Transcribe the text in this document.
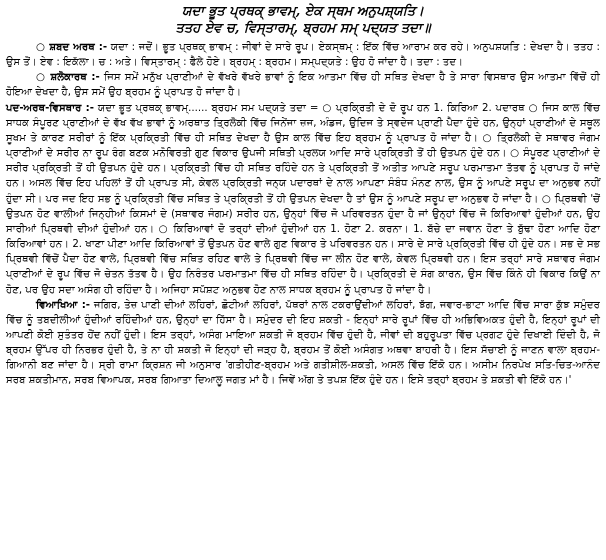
ਯਦਾ ਭੂਤ ਪ੍ਰਥਕ੍ ਭਾਵਮ੍, ਏਕ ਸ੍ਥਮ ਅਨੁਪਸ਼੍ਯਤਿ।

ਤਤਹ ਏਵ ਚ, ਵਿਸ੍ਤਾਰਮ੍, ਬ੍ਰਹਮ ਸਮ੍ ਪਦ੍ਯਤ ਤਦਾ॥

○ ਸ਼ਬਦ ਅਰਥ :- ਯਦਾ : ਜਦੋਂ। ਭੂਤ ਪ੍ਰਥਕ੍ ਭਾਵਮ੍ : ਜੀਵਾਂ ਦੇ ਸਾਰੇ ਰੂਪ। ਏਕਸ੍ਥਮ੍ : ਇੱਕ ਵਿੱਚ ਆਰਾਮ ਕਰ ਰਹੇ। ਅਨੁਪਸ਼ਯਤਿ : ਦੇਖਦਾ ਹੈ। ਤਤਹ : ਉਸ ਤੋਂ। ਏਵ : ਇਕੱਲਾ। ਚ : ਅਤੇ। ਵਿਸ੍ਤਾਰਮ੍ : ਫੈਲੇ ਹੋਏ। ਬ੍ਰਹਮ੍ : ਬ੍ਰਹਮ। ਸਮ੍ਪਦ੍ਯਤੇ : ਉਹ ਹੋ ਜਾਂਦਾ ਹੈ। ਤਦਾ : ਤਦ।

○ ਸ਼ਲੋਕਾਰਥ :- ਜਿਸ ਸਮੇਂ ਮਨੁੱਖ ਪ੍ਰਾਣੀਆਂ ਦੇ ਵੱਖਰੇ ਵੱਖਰੇ ਭਾਵਾਂ ਨੂੰ ਇਕ ਆਤਮਾ ਵਿੱਚ ਹੀ ਸਥਿਤ ਦੇਖਦਾ ਹੈ ਤੇ ਸਾਰਾ ਵਿਸਥਾਰ ਉਸ ਆਤਮਾ ਵਿੱਚੋਂ ਹੀ ਹੋਇਆ ਦੇਖਦਾ ਹੈ, ਉਸ ਸਮੇਂ ਉਹ ਬ੍ਰਹਮ ਨੂੰ ਪ੍ਰਾਪਤ ਹੋ ਜਾਂਦਾ ਹੈ।

ਪਦ-ਅਰਥ-ਵਿਸਥਾਰ :- ਯਦਾ ਭੂਤ ਪ੍ਰਥਕ੍ ਭਾਵਮ੍...... ਬ੍ਰਹਮ ਸਮ ਪਦ੍ਯਤੇ ਤਦਾ = ○ ਪ੍ਰਕ੍ਰਿਤੀ ਦੇ ਦੋ ਰੂਪ ਹਨ 1. ਕਿਰਿਆ 2. ਪਦਾਰਥ ○ ਜਿਸ ਕਾਲ ਵਿੱਚ ਸਾਧਕ ਸੰਪੂਰਣ ਪ੍ਰਾਣੀਆਂ ਦੇ ਵੱਖ ਵੱਖ ਭਾਵਾਂ ਨੂੰ ਅਰਥਾਤ ਤ੍ਰਿਲੋਕੀ ਵਿੱਚ ਜਿਨੇਂਜਾ ਜ਼ਜ, ਅੰਡਜ, ਉਦਿਜ ਤੇ ਸ੍ਵਦੇਜ ਪ੍ਰਾਣੀ ਪੈਦਾ ਹੁੰਦੇ ਹਨ, ਉਨ੍ਹਾਂ ਪ੍ਰਾਣੀਆਂ ਦੇ ਸਥੂਲ ਸੂਖਮ ਤੇ ਕਾਰਣ ਸਰੀਰਾਂ ਨੂੰ ਇੱਕ ਪ੍ਰਕ੍ਰਿਤੀ ਵਿੱਚ ਹੀ ਸਥਿਤ ਦੇਖਦਾ ਹੈ ਉਸ ਕਾਲ ਵਿੱਚ ਇਹ ਬ੍ਰਹਮ ਨੂੰ ਪ੍ਰਾਪਤ ਹੋ ਜਾਂਦਾ ਹੈ। ○ ਤ੍ਰਿਲੋਕੀ ਦੇ ਸਥਾਵਰ ਜੰਗਮ ਪ੍ਰਾਣੀਆਂ ਦੇ ਸਰੀਰ ਨਾ ਰੂਪ ਰੰਗ ਬਣਕ ਮਨੋਵਿਰਤੀ ਗੁਣ ਵਿਕਾਰ ਉਪਜੀ ਸਥਿਤੀ ਪ੍ਰਲਯ ਆਦਿ ਸਾਰੇ ਪ੍ਰਕ੍ਰਿਤੀ ਤੋਂ ਹੀ ਉਤਪਨ ਹੁੰਦੇ ਹਨ। ○ ਸੰਪੂਰਣ ਪ੍ਰਾਣੀਆਂ ਦੇ ਸਰੀਰ ਪ੍ਰਕ੍ਰਿਤੀ ਤੋਂ ਹੀ ਉਤਪਨ ਹੁੰਦੇ ਹਨ। ਪ੍ਰਕ੍ਰਿਤੀ ਵਿੱਚ ਹੀ ਸਥਿਤ ਰਹਿੰਦੇ ਹਨ ਤੇ ਪ੍ਰਕ੍ਰਿਤੀ ਤੋਂ ਅਤੀਤ ਆਪਣੇ ਸਰੂਪ ਪਰਮਾਤਮਾ ਤੱਤਵ ਨੂੰ ਪ੍ਰਾਪਤ ਹੋ ਜਾਂਦੇ ਹਨ। ਅਸਲ ਵਿੱਚ ਇਹ ਪਹਿਲਾਂ ਤੋਂ ਹੀ ਪ੍ਰਾਪਤ ਸੀ, ਕੇਵਲ ਪ੍ਰਕ੍ਰਿਤੀ ਜਨ੍ਯ ਪਦਾਰਥਾਂ ਦੇ ਨਾਲ ਆਪਣਾ ਸੰਬੰਧ ਮੰਨਣ ਨਾਲ, ਉਸ ਨੂੰ ਆਪਣੇ ਸਰੂਪ ਦਾ ਅਨੁਭਵ ਨਹੀਂ ਹੁੰਦਾ ਸੀ। ਪਰ ਜਦ ਇਹ ਸਭ ਨੂੰ ਪ੍ਰਕ੍ਰਿਤੀ ਵਿੱਚ ਸਥਿਤ ਤੇ ਪ੍ਰਕ੍ਰਿਤੀ ਤੋਂ ਹੀ ਉਤਪਨ ਦੇਖਦਾ ਹੈ ਤਾਂ ਉਸ ਨੂੰ ਆਪਣੇ ਸਰੂਪ ਦਾ ਅਨੁਭਵ ਹੋ ਜਾਂਦਾ ਹੈ। ○ ਪ੍ਰਿਥਵੀ 'ਚੋਂ ਉਤਪਨ ਹੋਣ ਵਾਲੀਆਂ ਜਿਨ੍ਹੀਆਂ ਕਿਸਮਾਂ ਦੇ (ਸਥਾਵਰ ਜੰਗਮ) ਸਰੀਰ ਹਨ, ਉਨ੍ਹਾਂ ਵਿੱਚ ਜੋ ਪਰਿਵਰਤਨ ਹੁੰਦਾ ਹੈ ਜਾਂ ਉਨ੍ਹਾਂ ਵਿੱਚ ਜੋ ਕਿਰਿਆਵਾਂ ਹੁੰਦੀਆਂ ਹਨ, ਉਹ ਸਾਰੀਆਂ ਪ੍ਰਿਥਵੀ ਦੀਆਂ ਹੁੰਦੀਆਂ ਹਨ। ○ ਕਿਰਿਆਵਾਂ ਦੋ ਤਰ੍ਹਾਂ ਦੀਆਂ ਹੁੰਦੀਆਂ ਹਨ 1. ਹੋਣਾ 2. ਕਰਨਾ। 1. ਬੱਚੇ ਦਾ ਜਵਾਨ ਹੋਣਾ ਤੇ ਬੁੱਢਾ ਹੋਣਾ ਆਦਿ ਹੋਣਾ ਕਿਰਿਆਵਾਂ ਹਨ। 2. ਖਾਣਾ ਪੀਣਾ ਆਦਿ ਕਿਰਿਆਵਾਂ ਤੋਂ ਉਤਪਨ ਹੋਣ ਵਾਲੇ ਗੁਣ ਵਿਕਾਰ ਤੇ ਪਰਿਵਰਤਨ ਹਨ। ਸਾਰੇ ਦੇ ਸਾਰੇ ਪ੍ਰਕ੍ਰਿਤੀ ਵਿੱਚ ਹੀ ਹੁੰਦੇ ਹਨ। ਸਭ ਦੇ ਸਭ ਪ੍ਰਿਥਵੀ ਵਿੱਚੋਂ ਪੈਦਾ ਹੋਣ ਵਾਲੇ, ਪ੍ਰਿਥਵੀ ਵਿੱਚ ਸਥਿਤ ਰਹਿਣ ਵਾਲੇ ਤੇ ਪ੍ਰਿਥਵੀ ਵਿੱਚ ਜਾ ਲੀਨ ਹੋਣ ਵਾਲੇ, ਕੇਵਲ ਪ੍ਰਿਥਵੀ ਹਨ। ਇਸ ਤਰ੍ਹਾਂ ਸਾਰੇ ਸਥਾਵਰ ਜੰਗਮ ਪ੍ਰਾਣੀਆਂ ਦੇ ਰੂਪ ਵਿੱਚ ਜੋ ਚੇਤਨ ਤੱਤਵ ਹੈ। ਉਹ ਨਿਰੰਤਰ ਪਰਮਾਤਮਾ ਵਿੱਚ ਹੀ ਸਥਿਤ ਰਹਿੰਦਾ ਹੈ। ਪ੍ਰਕ੍ਰਿਤੀ ਦੇ ਸੰਗ ਕਾਰਨ, ਉਸ ਵਿੱਚ ਕਿੰਨੇ ਹੀ ਵਿਕਾਰ ਕਿਉਂ ਨਾ ਹੋਣ, ਪਰ ਉਹ ਸਦਾ ਅਸੰਗ ਹੀ ਰਹਿੰਦਾ ਹੈ। ਅਜਿਹਾ ਸਪੱਸ਼ਟ ਅਨੁਭਵ ਹੋਣ ਨਾਲ ਸਾਧਕ ਬ੍ਰਹਮ ਨੂੰ ਪ੍ਰਾਪਤ ਹੋ ਜਾਂਦਾ ਹੈ।

ਵਿਆਖਿਆ :- ਜਗਿਰ, ਤੇਜ਼ ਪਾਣੀ ਦੀਆਂ ਲਹਿਰਾਂ, ਛੋਟੀਆਂ ਲਹਿਰਾਂ, ਪੱਥਰਾਂ ਨਾਲ ਟਕਰਾਉਂਦੀਆਂ ਲਹਿਰਾਂ, ਝੱਗ, ਜਵਾਰ-ਭਾਟਾ ਆਦਿ ਵਿੱਚ ਸਾਰਾ ਕੁੱਝ ਸਮੁੰਦਰ ਵਿੱਚ ਨੂੰ ਤਬਦੀਲੀਆਂ ਹੁੰਦੀਆਂ ਰਹਿੰਦੀਆਂ ਹਨ, ਉਨ੍ਹਾਂ ਦਾ ਹਿੱਸਾ ਹੈ। ਸਮੁੰਦਰ ਦੀ ਇਹ ਸ਼ਕਤੀ - ਇਨ੍ਹਾਂ ਸਾਰੇ ਰੂਪਾਂ ਵਿੱਚ ਹੀ ਅਭਿਵਿਅਕਤ ਹੁੰਦੀ ਹੈ, ਇਨ੍ਹਾਂ ਰੂਪਾਂ ਦੀ ਆਪਣੀ ਕੋਈ ਸੁਤੰਤਰ ਹੋਂਦ ਨਹੀਂ ਹੁੰਦੀ। ਇਸ ਤਰ੍ਹਾਂ, ਅਸੰਗ ਮਾਇਆ ਸ਼ਕਤੀ ਜੋ ਬ੍ਰਹਮ ਵਿੱਚ ਹੁੰਦੀ ਹੈ, ਜੀਵਾਂ ਦੀ ਬਹੁਰੂਪਤਾ ਵਿੱਚ ਪ੍ਰਗਟ ਹੁੰਦੇ ਦਿਖਾਈ ਦਿੰਦੀ ਹੈ, ਜੋ ਬ੍ਰਹਮ ਉੱਪਰ ਹੀ ਨਿਰਭਰ ਹੁੰਦੀ ਹੈ, ਤੇ ਨਾ ਹੀ ਸ਼ਕਤੀ ਜੋ ਇਨ੍ਹਾਂ ਦੀ ਜੜ੍ਹ ਹੈ, ਬ੍ਰਹਮ ਤੋਂ ਕੋਈ ਅਸੰਗਤ ਅਥਵਾ ਬਾਹਰੀ ਹੈ। ਇਸ ਸੱਚਾਈ ਨੂੰ ਜਾਣਨ ਵਾਲਾ ਬ੍ਰਹਮ-ਗਿਆਨੀ ਬਣ ਜਾਂਦਾ ਹੈ। ਸ੍ਰੀ ਰਾਮਾ ਕ੍ਰਿਸ਼ਨ ਜੀ ਅਨੁਸਾਰ 'ਗਤੀਹੀਣ-ਬ੍ਰਹਮ ਅਤੇ ਗਤੀਸ਼ੀਲ-ਸ਼ਕਤੀ, ਅਸਲ ਵਿੱਚ ਇੱਕੋ ਹਨ। ਅਸੀਮ ਨਿਰਪੇਖ ਸਤਿ-ਚਿਤ-ਆਨੰਦ ਸਰਬ ਸ਼ਕਤੀਮਾਨ, ਸਰਬ ਵਿਆਪਕ, ਸਰਬ ਗਿਆਤਾ ਦਿਆਲੂ ਜਗਤ ਮਾਂ ਹੈ। ਜਿਵੇਂ ਅੱਗ ਤੇ ਤਪਸ਼ ਇੱਕ ਹੁੰਦੇ ਹਨ। ਇਸੇ ਤਰ੍ਹਾਂ ਬ੍ਰਹਮ ਤੇ ਸ਼ਕਤੀ ਵੀ ਇੱਕੋ ਹਨ।'
